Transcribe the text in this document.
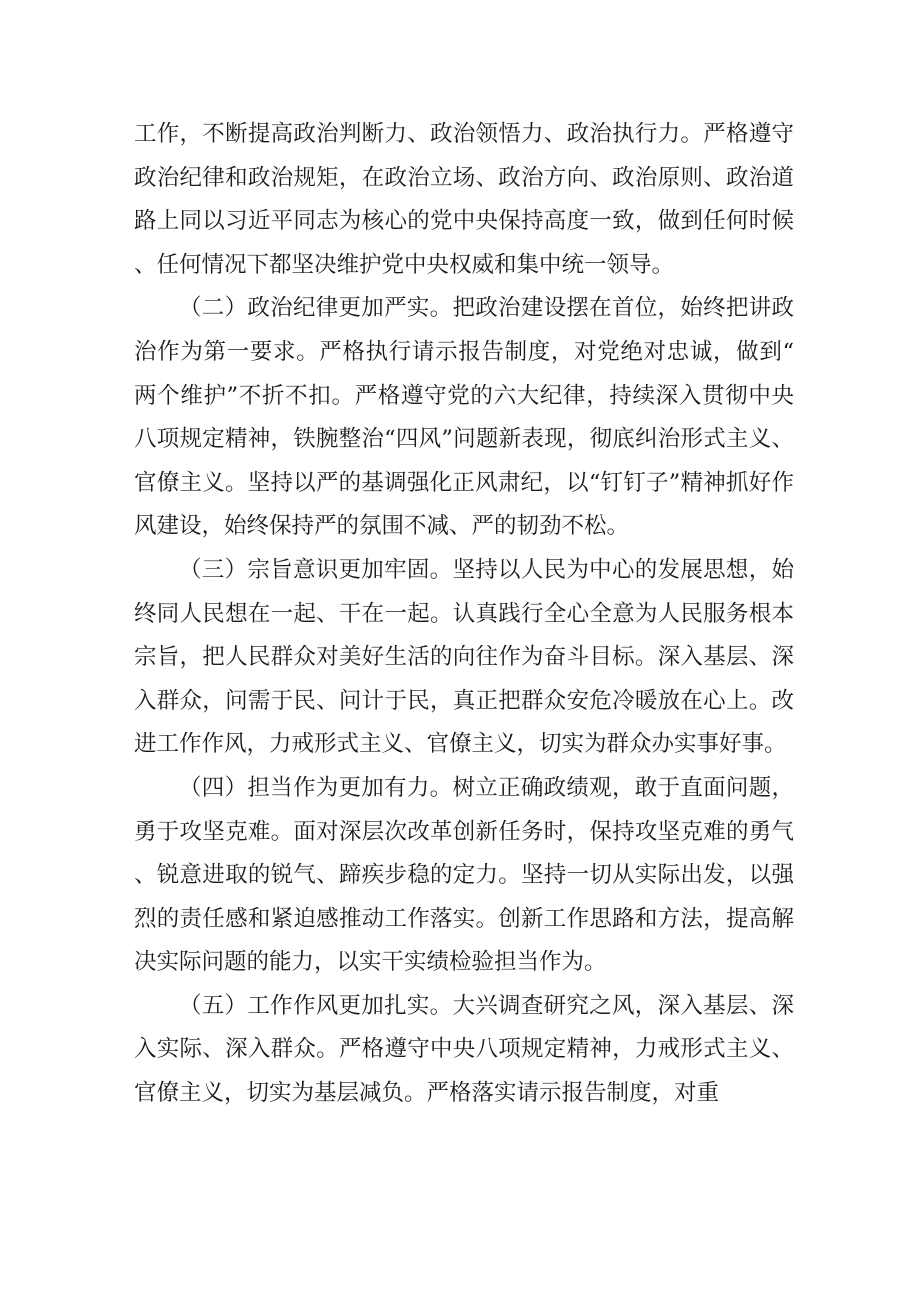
工作，不断提高政治判断力、政治领悟力、政治执行力。严格遵守政治纪律和政治规矩，在政治立场、政治方向、政治原则、政治道路上同以习近平同志为核心的党中央保持高度一致，做到任何时候、任何情况下都坚决维护党中央权威和集中统一领导。

（二）政治纪律更加严实。把政治建设摆在首位，始终把讲政治作为第一要求。严格执行请示报告制度，对党绝对忠诚，做到“两个维护”不折不扣。严格遵守党的六大纪律，持续深入贯彻中央八项规定精神，铁腕整治“四风”问题新表现，彻底纠治形式主义、官僚主义。坚持以严的基调强化正风肃纪，以“钉钉子”精神抓好作风建设，始终保持严的氛围不减、严的韧劲不松。

（三）宗旨意识更加牢固。坚持以人民为中心的发展思想，始终同人民想在一起、干在一起。认真践行全心全意为人民服务根本宗旨，把人民群众对美好生活的向往作为奋斗目标。深入基层、深入群众，问需于民、问计于民，真正把群众安危冷暖放在心上。改进工作作风，力戒形式主义、官僚主义，切实为群众办实事好事。

（四）担当作为更加有力。树立正确政绩观，敢于直面问题，勇于攻坚克难。面对深层次改革创新任务时，保持攻坚克难的勇气、锐意进取的锐气、蹄疾步稳的定力。坚持一切从实际出发，以强烈的责任感和紧迫感推动工作落实。创新工作思路和方法，提高解决实际问题的能力，以实干实绩检验担当作为。

（五）工作作风更加扎实。大兴调查研究之风，深入基层、深入实际、深入群众。严格遵守中央八项规定精神，力戒形式主义、官僚主义，切实为基层减负。严格落实请示报告制度，对重
